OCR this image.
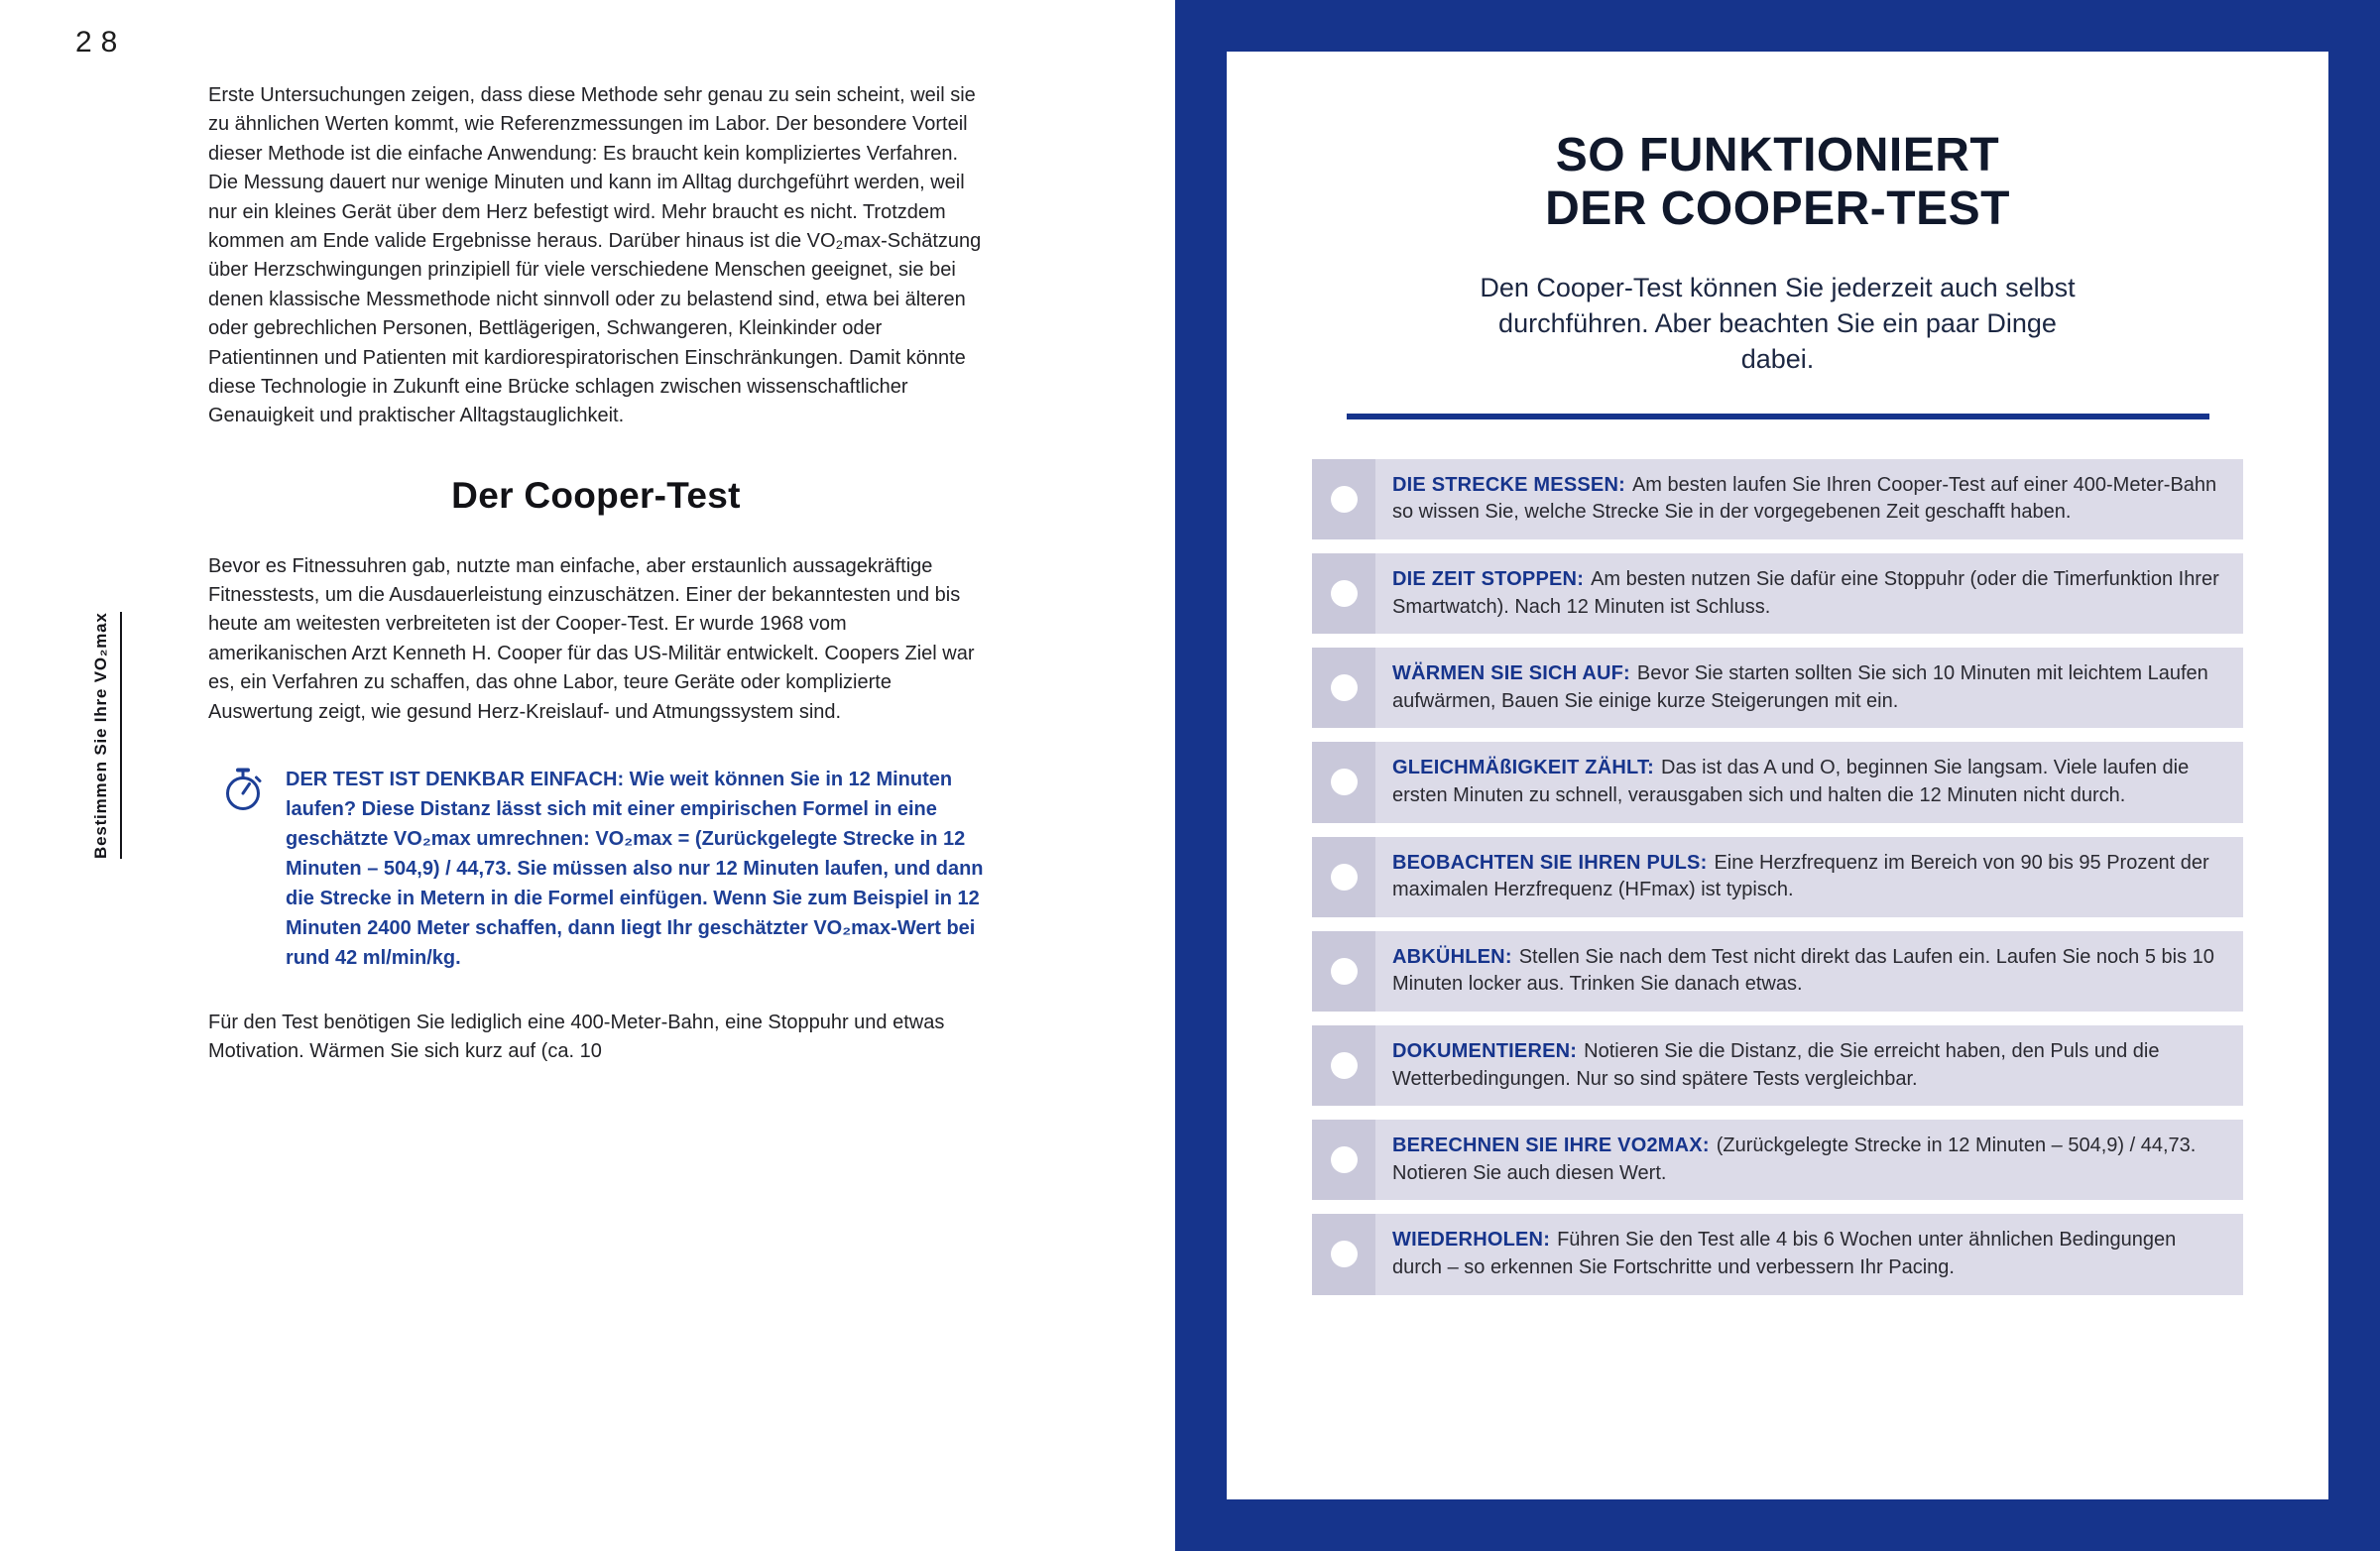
28
Bestimmen Sie Ihre VO₂max

Erste Untersuchungen zeigen, dass diese Methode sehr genau zu sein scheint, weil sie zu ähnlichen Werten kommt, wie Referenzmessungen im Labor. Der besondere Vorteil dieser Methode ist die einfache Anwendung: Es braucht kein kompliziertes Verfahren. Die Messung dauert nur wenige Minuten und kann im Alltag durchgeführt werden, weil nur ein kleines Gerät über dem Herz befestigt wird. Mehr braucht es nicht. Trotzdem kommen am Ende valide Ergebnisse heraus. Darüber hinaus ist die VO₂max-Schätzung über Herzschwingungen prinzipiell für viele verschiedene Menschen geeignet, sie bei denen klassische Messmethode nicht sinnvoll oder zu belastend sind, etwa bei älteren oder gebrechlichen Personen, Bettlägerigen, Schwangeren, Kleinkinder oder Patientinnen und Patienten mit kardiorespiratorischen Einschränkungen. Damit könnte diese Technologie in Zukunft eine Brücke schlagen zwischen wissenschaftlicher Genauigkeit und praktischer Alltagstauglichkeit.

Der Cooper-Test

Bevor es Fitnessuhren gab, nutzte man einfache, aber erstaunlich aussagekräftige Fitnesstests, um die Ausdauerleistung einzuschätzen. Einer der bekanntesten und bis heute am weitesten verbreiteten ist der Cooper-Test. Er wurde 1968 vom amerikanischen Arzt Kenneth H. Cooper für das US-Militär entwickelt. Coopers Ziel war es, ein Verfahren zu schaffen, das ohne Labor, teure Geräte oder komplizierte Auswertung zeigt, wie gesund Herz-Kreislauf- und Atmungssystem sind.

DER TEST IST DENKBAR EINFACH: Wie weit können Sie in 12 Minuten laufen? Diese Distanz lässt sich mit einer empirischen Formel in eine geschätzte VO₂max umrechnen: VO₂max = (Zurückgelegte Strecke in 12 Minuten – 504,9) / 44,73. Sie müssen also nur 12 Minuten laufen, und dann die Strecke in Metern in die Formel einfügen. Wenn Sie zum Beispiel in 12 Minuten 2400 Meter schaffen, dann liegt Ihr geschätzter VO₂max-Wert bei rund 42 ml/min/kg.

Für den Test benötigen Sie lediglich eine 400-Meter-Bahn, eine Stoppuhr und etwas Motivation. Wärmen Sie sich kurz auf (ca. 10

SO FUNKTIONIERT
DER COOPER-TEST

Den Cooper-Test können Sie jederzeit auch selbst durchführen. Aber beachten Sie ein paar Dinge dabei.

DIE STRECKE MESSEN: Am besten laufen Sie Ihren Cooper-Test auf einer 400-Meter-Bahn so wissen Sie, welche Strecke Sie in der vorgegebenen Zeit geschafft haben.

DIE ZEIT STOPPEN: Am besten nutzen Sie dafür eine Stoppuhr (oder die Timerfunktion Ihrer Smartwatch). Nach 12 Minuten ist Schluss.

WÄRMEN SIE SICH AUF: Bevor Sie starten sollten Sie sich 10 Minuten mit leichtem Laufen aufwärmen, Bauen Sie einige kurze Steigerungen mit ein.

GLEICHMÄßIGKEIT ZÄHLT: Das ist das A und O, beginnen Sie langsam. Viele laufen die ersten Minuten zu schnell, verausgaben sich und halten die 12 Minuten nicht durch.

BEOBACHTEN SIE IHREN PULS: Eine Herzfrequenz im Bereich von 90 bis 95 Prozent der maximalen Herzfrequenz (HFmax) ist typisch.

ABKÜHLEN: Stellen Sie nach dem Test nicht direkt das Laufen ein. Laufen Sie noch 5 bis 10 Minuten locker aus. Trinken Sie danach etwas.

DOKUMENTIEREN: Notieren Sie die Distanz, die Sie erreicht haben, den Puls und die Wetterbedingungen. Nur so sind spätere Tests vergleichbar.

BERECHNEN SIE IHRE VO2MAX: (Zurückgelegte Strecke in 12 Minuten – 504,9) / 44,73. Notieren Sie auch diesen Wert.

WIEDERHOLEN: Führen Sie den Test alle 4 bis 6 Wochen unter ähnlichen Bedingungen durch – so erkennen Sie Fortschritte und verbessern Ihr Pacing.
